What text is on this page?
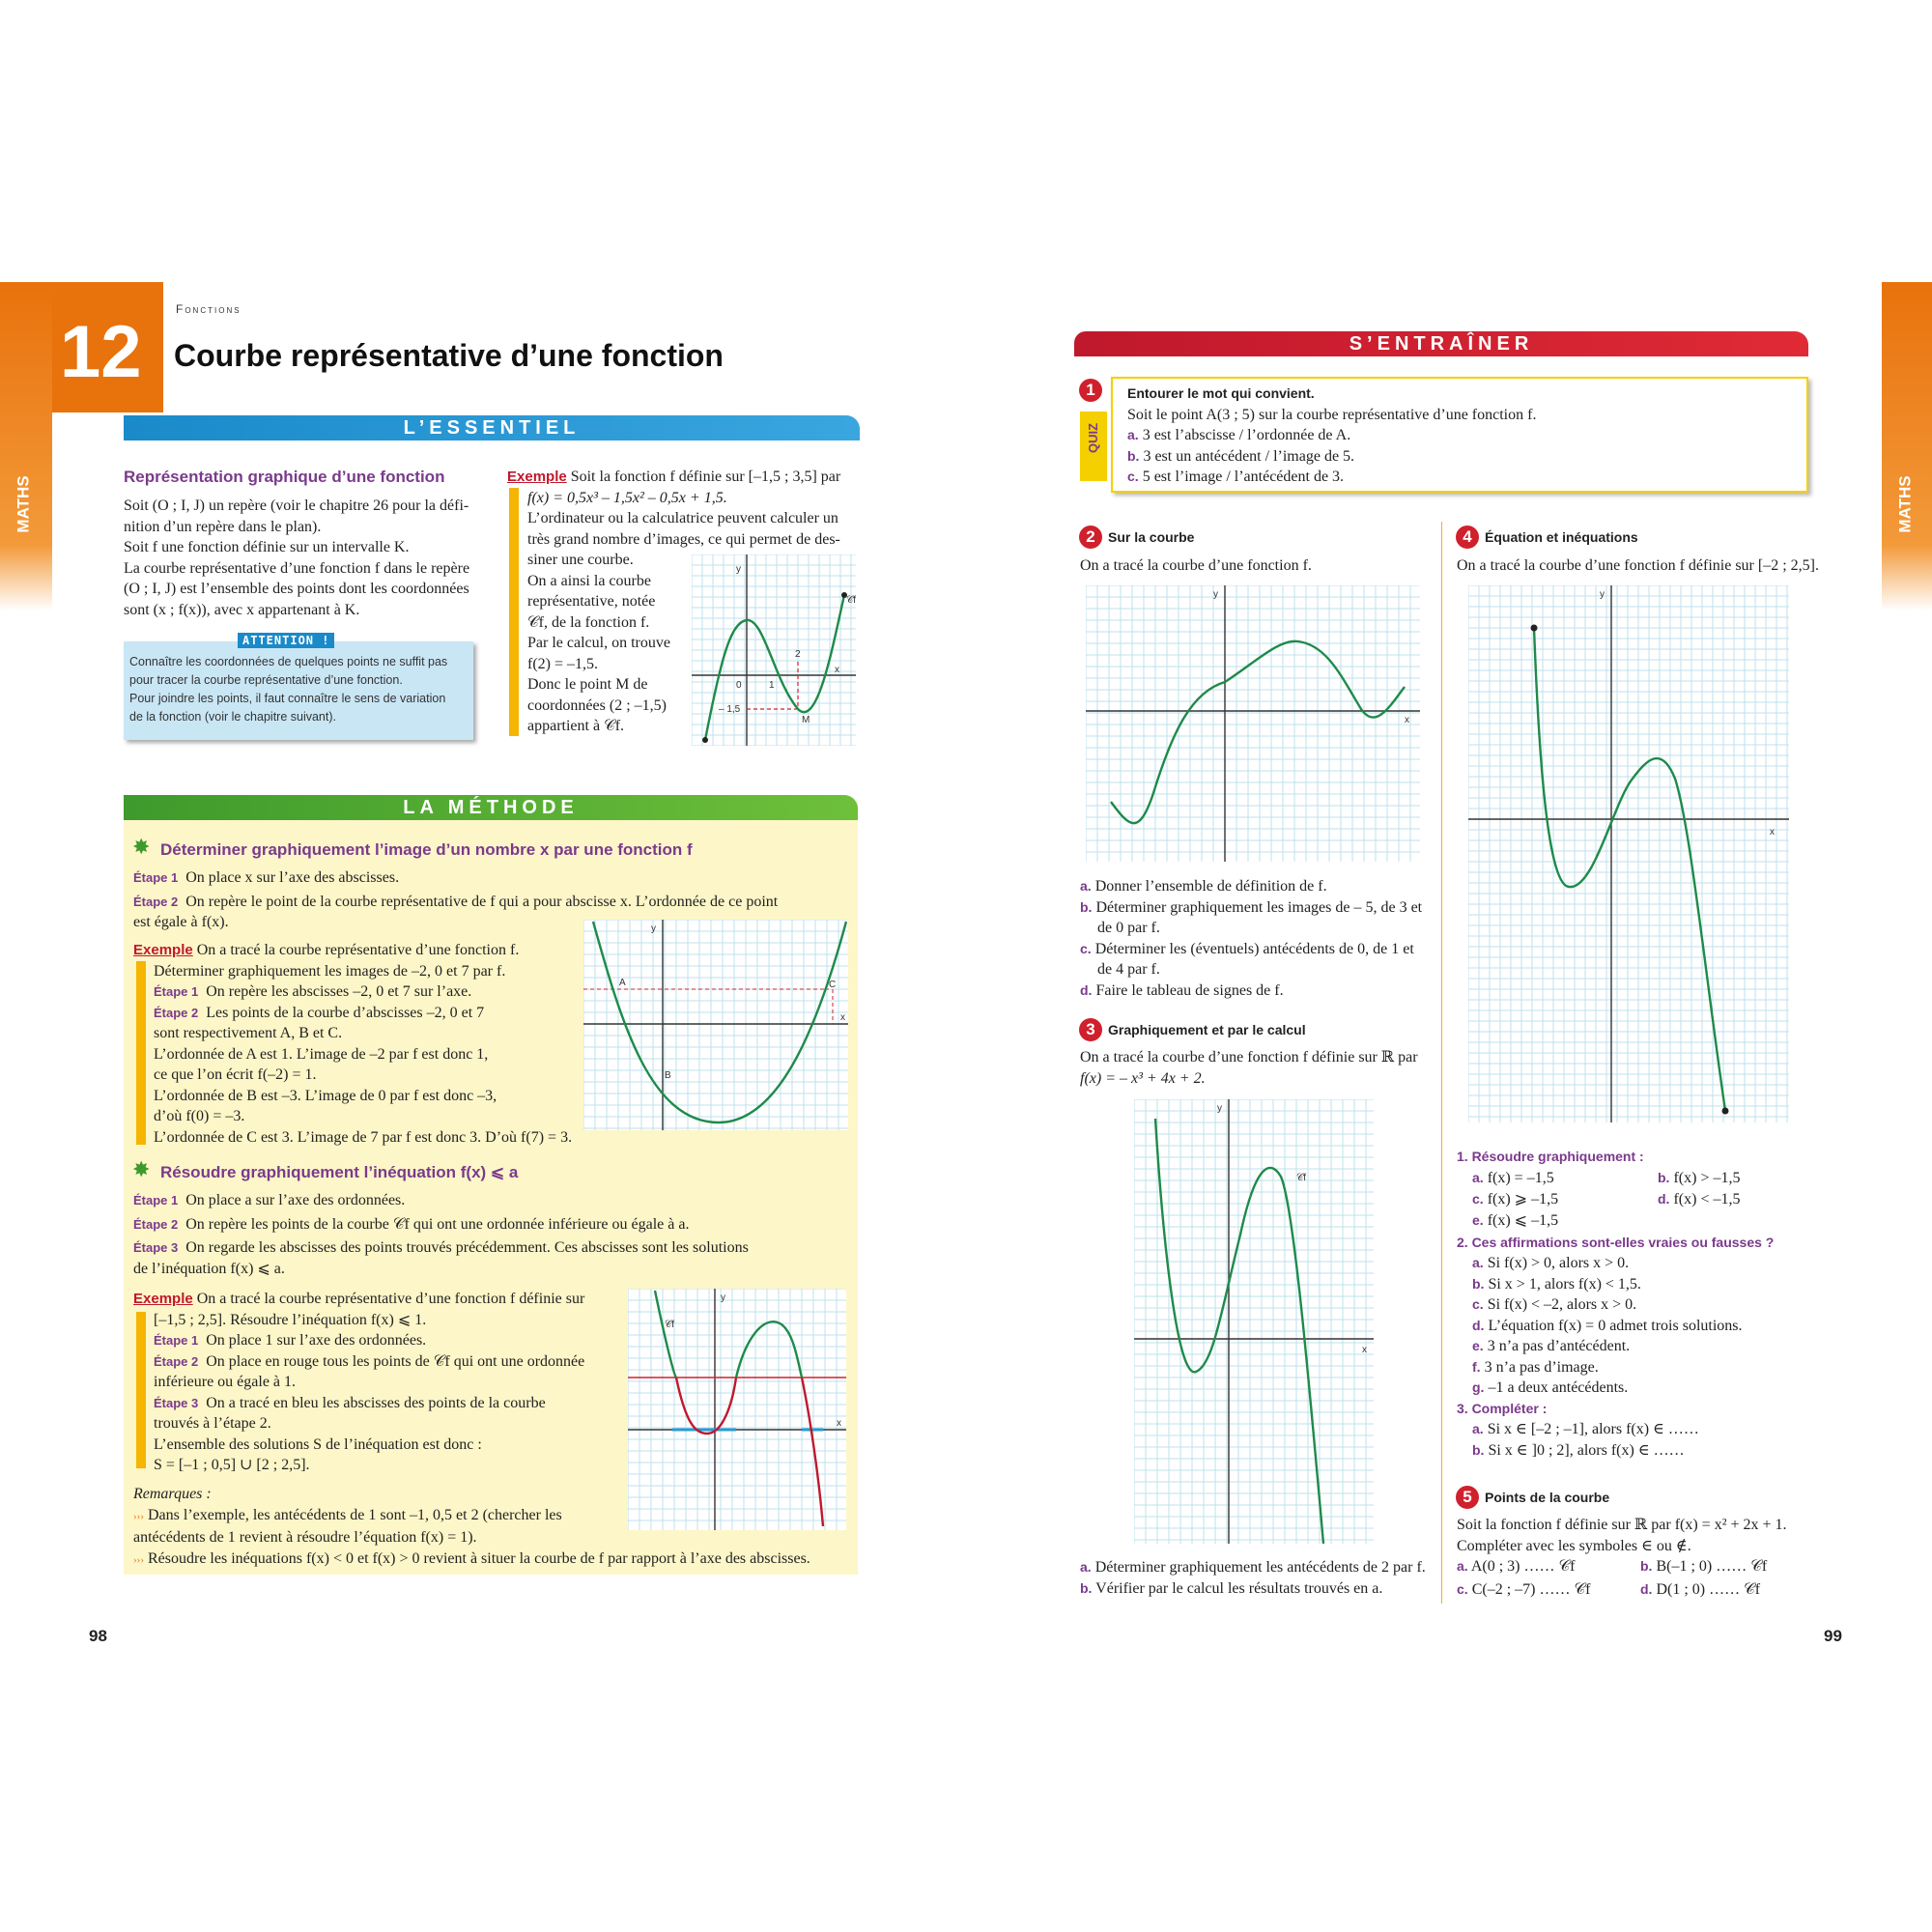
MATHS	MATHS
12
Fonctions
Courbe représentative d’une fonction
L’ESSENTIEL
Représentation graphique d’une fonction

Soit (O ; I, J) un repère (voir le chapitre 26 pour la défi-

nition d’un repère dans le plan).

Soit f une fonction définie sur un intervalle K.

La courbe représentative d’une fonction f dans le repère

(O ; I, J) est l’ensemble des points dont les coordonnées

sont (x ; f(x)), avec x appartenant à K.

Connaître les coordonnées de quelques points ne suffit pas

pour tracer la courbe représentative d’une fonction.

Pour joindre les points, il faut connaître le sens de variation

de la fonction (voir le chapitre suivant).

ATTENTION !

Exemple Soit la fonction f définie sur [–1,5 ; 3,5] par

f(x) = 0,5x³ – 1,5x² – 0,5x + 1,5.

L’ordinateur ou la calculatrice peuvent calculer un

très grand nombre d’images, ce qui permet de des-

siner une courbe.

On a ainsi la courbe

représentative, notée

𝒞f, de la fonction f.

Par le calcul, on trouve

f(2) = –1,5.

Donc le point M de

coordonnées (2 ; –1,5)

appartient à 𝒞f.

y
x
𝒞f
0	1
2
– 1,5
M
LA MÉTHODE
✸ Déterminer graphiquement l’image d’un nombre x par une fonction f

Étape 1 On place x sur l’axe des abscisses.

Étape 2 On repère le point de la courbe représentative de f qui a pour abscisse x. L’ordonnée de ce point

est égale à f(x).

Exemple On a tracé la courbe représentative d’une fonction f.

Déterminer graphiquement les images de –2, 0 et 7 par f.

Étape 1 On repère les abscisses –2, 0 et 7 sur l’axe.

Étape 2 Les points de la courbe d’abscisses –2, 0 et 7

sont respectivement A, B et C.

L’ordonnée de A est 1. L’image de –2 par f est donc 1,

ce que l’on écrit f(–2) = 1.

L’ordonnée de B est –3. L’image de 0 par f est donc –3,

d’où f(0) = –3.

L’ordonnée de C est 3. L’image de 7 par f est donc 3. D’où f(7) = 3.

y
x
A
B
C
✸ Résoudre graphiquement l’inéquation f(x) ⩽ a

Étape 1 On place a sur l’axe des ordonnées.

Étape 2 On repère les points de la courbe 𝒞f qui ont une ordonnée inférieure ou égale à a.

Étape 3 On regarde les abscisses des points trouvés précédemment. Ces abscisses sont les solutions

de l’inéquation f(x) ⩽ a.

Exemple On a tracé la courbe représentative d’une fonction f définie sur

[–1,5 ; 2,5]. Résoudre l’inéquation f(x) ⩽ 1.

Étape 1 On place 1 sur l’axe des ordonnées.

Étape 2 On place en rouge tous les points de 𝒞f qui ont une ordonnée

inférieure ou égale à 1.

Étape 3 On a tracé en bleu les abscisses des points de la courbe

trouvés à l’étape 2.

L’ensemble des solutions S de l’inéquation est donc :

S = [–1 ; 0,5] ∪ [2 ; 2,5].

y
x
𝒞f

Remarques :

››› Dans l’exemple, les antécédents de 1 sont –1, 0,5 et 2 (chercher les

antécédents de 1 revient à résoudre l’équation f(x) = 1).

››› Résoudre les inéquations f(x) < 0 et f(x) > 0 revient à situer la courbe de f par rapport à l’axe des abscisses.

98
S’ENTRAÎNER
QUIZ
1	Entourer le mot qui convient.

Soit le point A(3 ; 5) sur la courbe représentative d’une fonction f.

a. 3 est l’abscisse / l’ordonnée de A.

b. 3 est un antécédent / l’image de 5.

c. 5 est l’image / l’antécédent de 3.

2 Sur la courbe
On a tracé la courbe d’une fonction f.
y
x

a. Donner l’ensemble de définition de f.

b. Déterminer graphiquement les images de – 5, de 3 et

de 0 par f.

c. Déterminer les (éventuels) antécédents de 0, de 1 et

de 4 par f.

d. Faire le tableau de signes de f.

3 Graphiquement et par le calcul

On a tracé la courbe d’une fonction f définie sur ℝ par

f(x) = – x³ + 4x + 2.

y
x
𝒞f

a. Déterminer graphiquement les antécédents de 2 par f.

b. Vérifier par le calcul les résultats trouvés en a.

4 Équation et inéquations
On a tracé la courbe d’une fonction f définie sur [–2 ; 2,5].
y
x

1. Résoudre graphiquement :

a. f(x) = –1,5	b. f(x) > –1,5

c. f(x) ⩾ –1,5	d. f(x) < –1,5

e. f(x) ⩽ –1,5

2. Ces affirmations sont-elles vraies ou fausses ?

a. Si f(x) > 0, alors x > 0.

b. Si x > 1, alors f(x) < 1,5.

c. Si f(x) < –2, alors x > 0.

d. L’équation f(x) = 0 admet trois solutions.

e. 3 n’a pas d’antécédent.

f. 3 n’a pas d’image.

g. –1 a deux antécédents.

3. Compléter :

a. Si x ∈ [–2 ; –1], alors f(x) ∈ ……

b. Si x ∈ ]0 ; 2], alors f(x) ∈ ……

5 Points de la courbe

Soit la fonction f définie sur ℝ par f(x) = x² + 2x + 1.

Compléter avec les symboles ∈ ou ∉.

a. A(0 ; 3) …… 𝒞f	b. B(–1 ; 0) …… 𝒞f

c. C(–2 ; –7) …… 𝒞f	d. D(1 ; 0) …… 𝒞f

99
